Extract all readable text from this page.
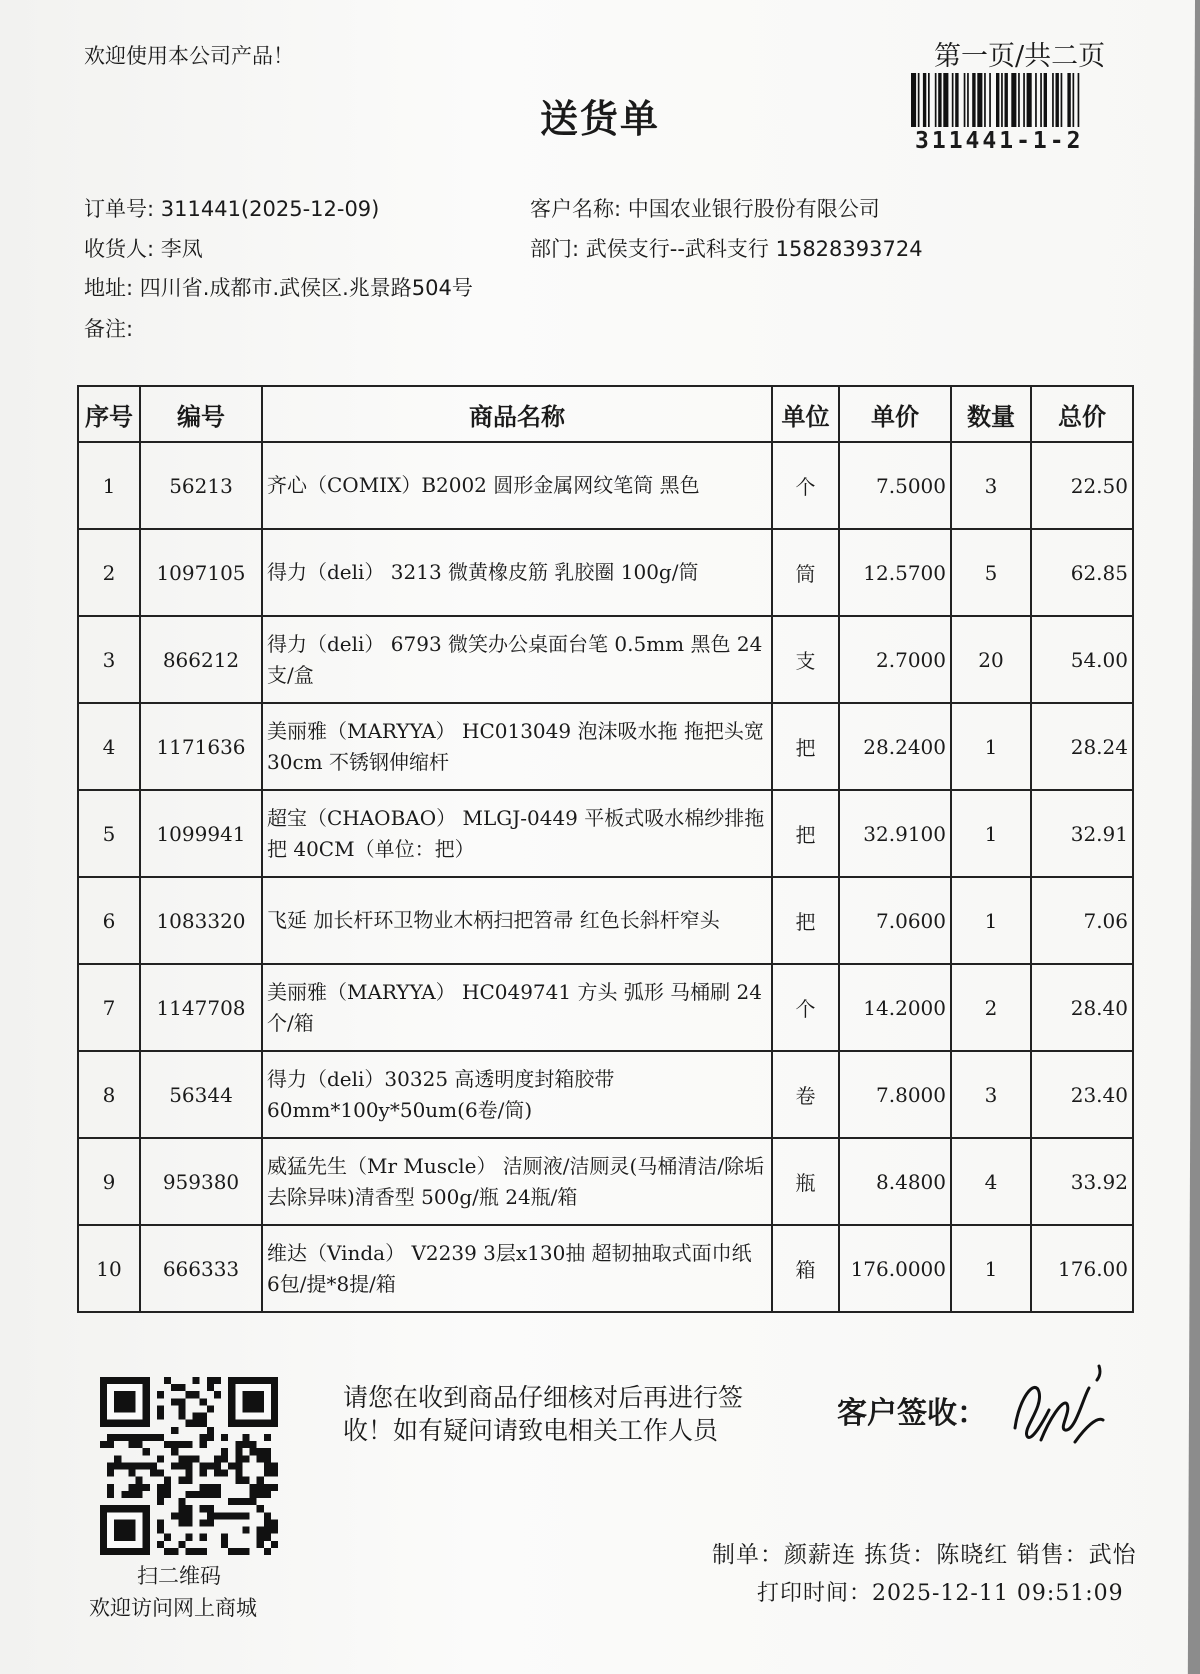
欢迎使用本公司产品！	第一页/共二页
送货单	311441-1-2
订单号: 311441(2025-12-09)
收货人: 李凤
地址: 四川省.成都市.武侯区.兆景路504号
备注:
客户名称: 中国农业银行股份有限公司
部门: 武侯支行--武科支行 15828393724
序号	编号	商品名称	单位	单价	数量	总价
1	56213	齐心（COMIX）B2002 圆形金属网纹笔筒 黑色	个	7.5000	3	22.50
2	1097105	得力（deli） 3213 微黄橡皮筋 乳胶圈 100g/筒	筒	12.5700	5	62.85
3	866212	得力（deli） 6793 微笑办公桌面台笔 0.5mm 黑色 24支/盒	支	2.7000	20	54.00
4	1171636	美丽雅（MARYYA） HC013049 泡沫吸水拖 拖把头宽30cm 不锈钢伸缩杆	把	28.2400	1	28.24
5	1099941	超宝（CHAOBAO） MLGJ-0449 平板式吸水棉纱排拖把 40CM（单位：把）	把	32.9100	1	32.91
6	1083320	飞延 加长杆环卫物业木柄扫把笤帚 红色长斜杆窄头	把	7.0600	1	7.06
7	1147708	美丽雅（MARYYA） HC049741 方头 弧形 马桶刷 24个/箱	个	14.2000	2	28.40
8	56344	得力（deli）30325 高透明度封箱胶带 60mm*100y*50um(6卷/筒)	卷	7.8000	3	23.40
9	959380	威猛先生（Mr Muscle） 洁厕液/洁厕灵(马桶清洁/除垢去除异味)清香型 500g/瓶 24瓶/箱	瓶	8.4800	4	33.92
10	666333	维达（Vinda） V2239 3层x130抽 超韧抽取式面巾纸 6包/提*8提/箱	箱	176.0000	1	176.00
扫二维码
欢迎访问网上商城
请您在收到商品仔细核对后再进行签收！如有疑问请致电相关工作人员	客户签收：
制单：颜薪连 拣货：陈晓红 销售：武怡
打印时间：2025-12-11 09:51:09
